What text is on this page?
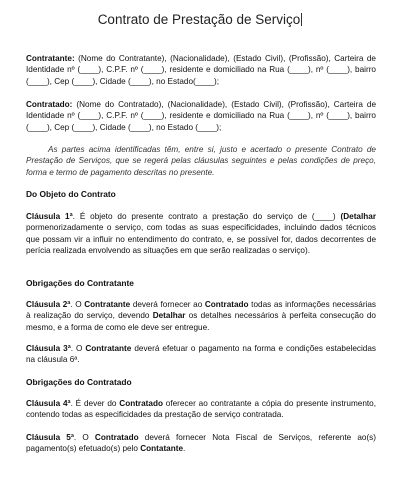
Contrato de Prestação de Serviço
Contratante: (Nome do Contratante), (Nacionalidade), (Estado Civil), (Profissão), Carteira de Identidade nº (____), C.P.F. nº (____), residente e domiciliado na Rua (____), nº (____), bairro (____), Cep (____), Cidade (____), no Estado(____);
Contratado: (Nome do Contratado), (Nacionalidade), (Estado Civil), (Profissão), Carteira de Identidade nº (____), C.P.F. nº (____), residente e domiciliado na Rua (____), nº (____), bairro (____), Cep (____), Cidade (____), no Estado (____);
As partes acima identificadas têm, entre si, justo e acertado o presente Contrato de Prestação de Serviços, que se regerá pelas cláusulas seguintes e pelas condições de preço, forma e termo de pagamento descritas no presente.
Do Objeto do Contrato
Cláusula 1ª. É objeto do presente contrato a prestação do serviço de (____) (Detalhar pormenorizadamente o serviço, com todas as suas especificidades, incluindo dados técnicos que possam vir a influir no entendimento do contrato, e, se possível for, dados decorrentes de perícia realizada envolvendo as situações em que serão realizadas o serviço).
Obrigações do Contratante
Cláusula 2ª. O Contratante deverá fornecer ao Contratado todas as informações necessárias à realização do serviço, devendo Detalhar os detalhes necessários à perfeita consecução do mesmo, e a forma de como ele deve ser entregue.
Cláusula 3ª. O Contratante deverá efetuar o pagamento na forma e condições estabelecidas na cláusula 6ª.
Obrigações do Contratado
Cláusula 4ª. É dever do Contratado oferecer ao contratante a cópia do presente instrumento, contendo todas as especificidades da prestação de serviço contratada.
Cláusula 5ª. O Contratado deverá fornecer Nota Fiscal de Serviços, referente ao(s) pagamento(s) efetuado(s) pelo Contatante.
